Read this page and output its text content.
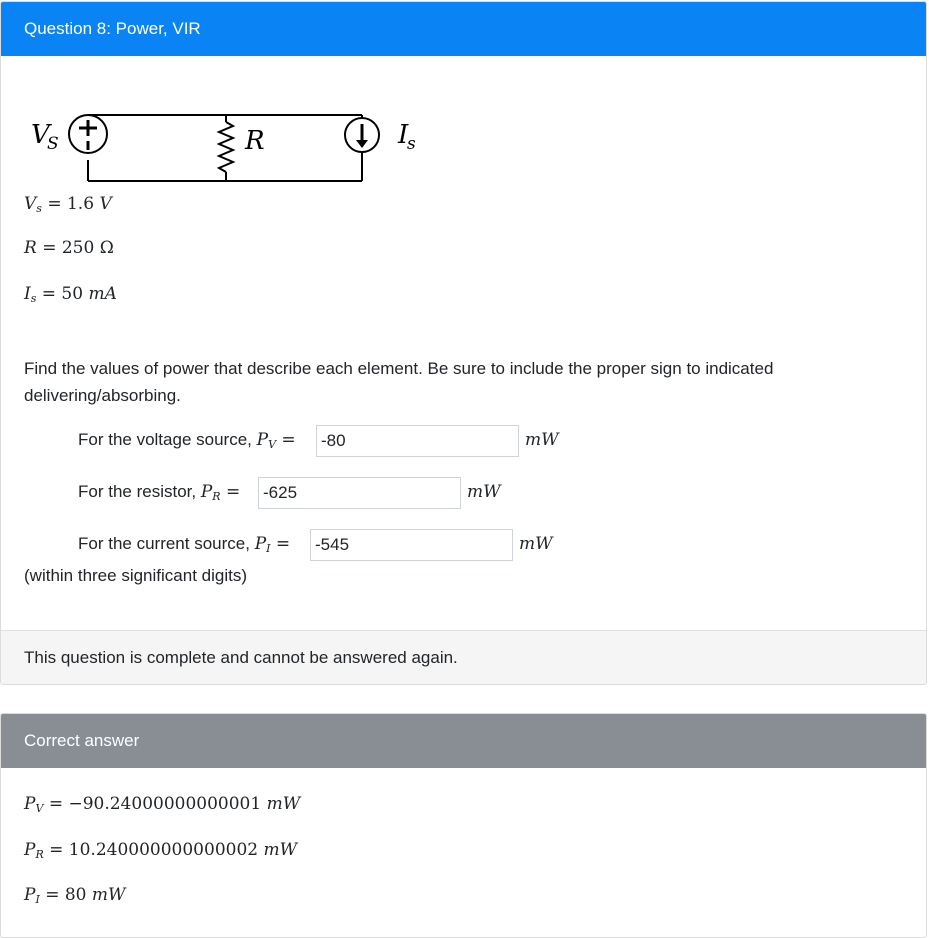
Question 8: Power, VIR
V
S	R	I
s
$V_s = 1.6$ V
R = 250 Ω
$I_s = 50$ mA
Find the values of power that describe each element. Be sure to include the proper sign to indicated delivering/absorbing.
For the voltage source, $P_V$ =
-80	mW
For the resistor, $P_R$ =
-625	mW
For the current source, $P_I$ =
-545	mW
(within three significant digits)
This question is complete and cannot be answered again.
Correct answer
$P_V = -90.24000000000001$ mW
$P_R = 10.240000000000002$ mW
$P_I = 80$ mW
